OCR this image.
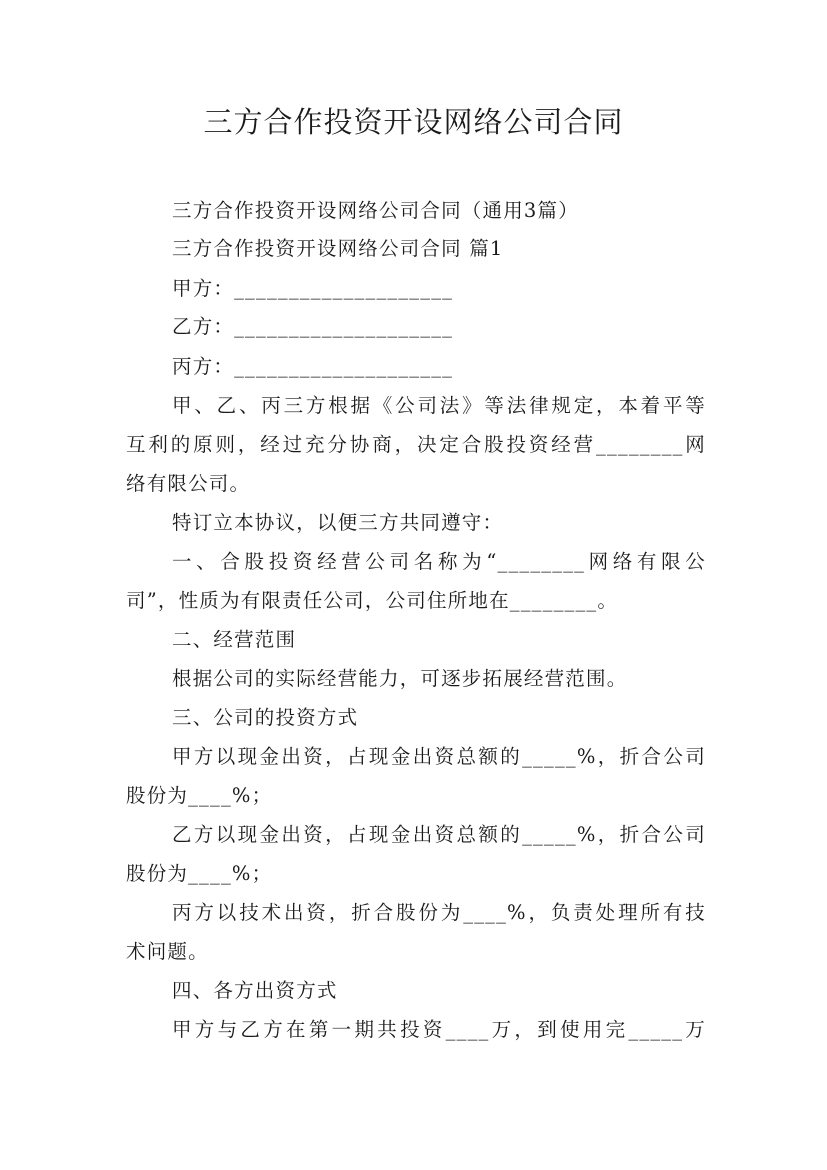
三方合作投资开设网络公司合同
三方合作投资开设网络公司合同（通用3篇）
三方合作投资开设网络公司合同 篇1
甲方：____________________
乙方：____________________
丙方：____________________
甲、乙、丙三方根据《公司法》等法律规定，本着平等
互利的原则，经过充分协商，决定合股投资经营________网
络有限公司。
特订立本协议，以便三方共同遵守：
一、合股投资经营公司名称为“________网络有限公
司”，性质为有限责任公司，公司住所地在________。
二、经营范围
根据公司的实际经营能力，可逐步拓展经营范围。
三、公司的投资方式
甲方以现金出资，占现金出资总额的_____%，折合公司
股份为____%；
乙方以现金出资，占现金出资总额的_____%，折合公司
股份为____%；
丙方以技术出资，折合股份为____%，负责处理所有技
术问题。
四、各方出资方式
甲方与乙方在第一期共投资____万，到使用完_____万
